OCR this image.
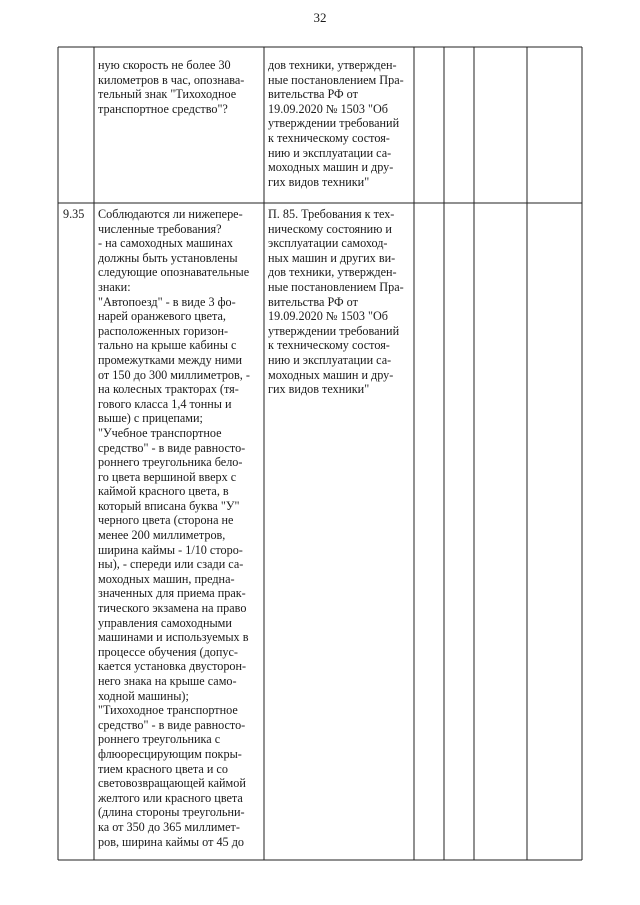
32
ную скорость не более 30
километров в час, опознава-
тельный знак "Тихоходное
транспортное средство"?
дов техники, утвержден-
ные постановлением Пра-
вительства РФ от
19.09.2020 № 1503 "Об
утверждении требований
к техническому состоя-
нию и эксплуатации са-
моходных машин и дру-
гих видов техники"
9.35 Соблюдаются ли нижепере-
численные требования?
- на самоходных машинах
должны быть установлены
следующие опознавательные
знаки:
"Автопоезд" - в виде 3 фо-
нарей оранжевого цвета,
расположенных горизон-
тально на крыше кабины с
промежутками между ними
от 150 до 300 миллиметров, -
на колесных тракторах (тя-
гового класса 1,4 тонны и
выше) с прицепами;
"Учебное транспортное
средство" - в виде равносто-
роннего треугольника бело-
го цвета вершиной вверх с
каймой красного цвета, в
который вписана буква "У"
черного цвета (сторона не
менее 200 миллиметров,
ширина каймы - 1/10 сторо-
ны), - спереди или сзади са-
моходных машин, предна-
значенных для приема прак-
тического экзамена на право
управления самоходными
машинами и используемых в
процессе обучения (допус-
кается установка двусторон-
него знака на крыше само-
ходной машины);
"Тихоходное транспортное
средство" - в виде равносто-
роннего треугольника с
флюоресцирующим покры-
тием красного цвета и со
световозвращающей каймой
желтого или красного цвета
(длина стороны треугольни-
ка от 350 до 365 миллимет-
ров, ширина каймы от 45 до
П. 85. Требования к тех-
ническому состоянию и
эксплуатации самоход-
ных машин и других ви-
дов техники, утвержден-
ные постановлением Пра-
вительства РФ от
19.09.2020 № 1503 "Об
утверждении требований
к техническому состоя-
нию и эксплуатации са-
моходных машин и дру-
гих видов техники"
